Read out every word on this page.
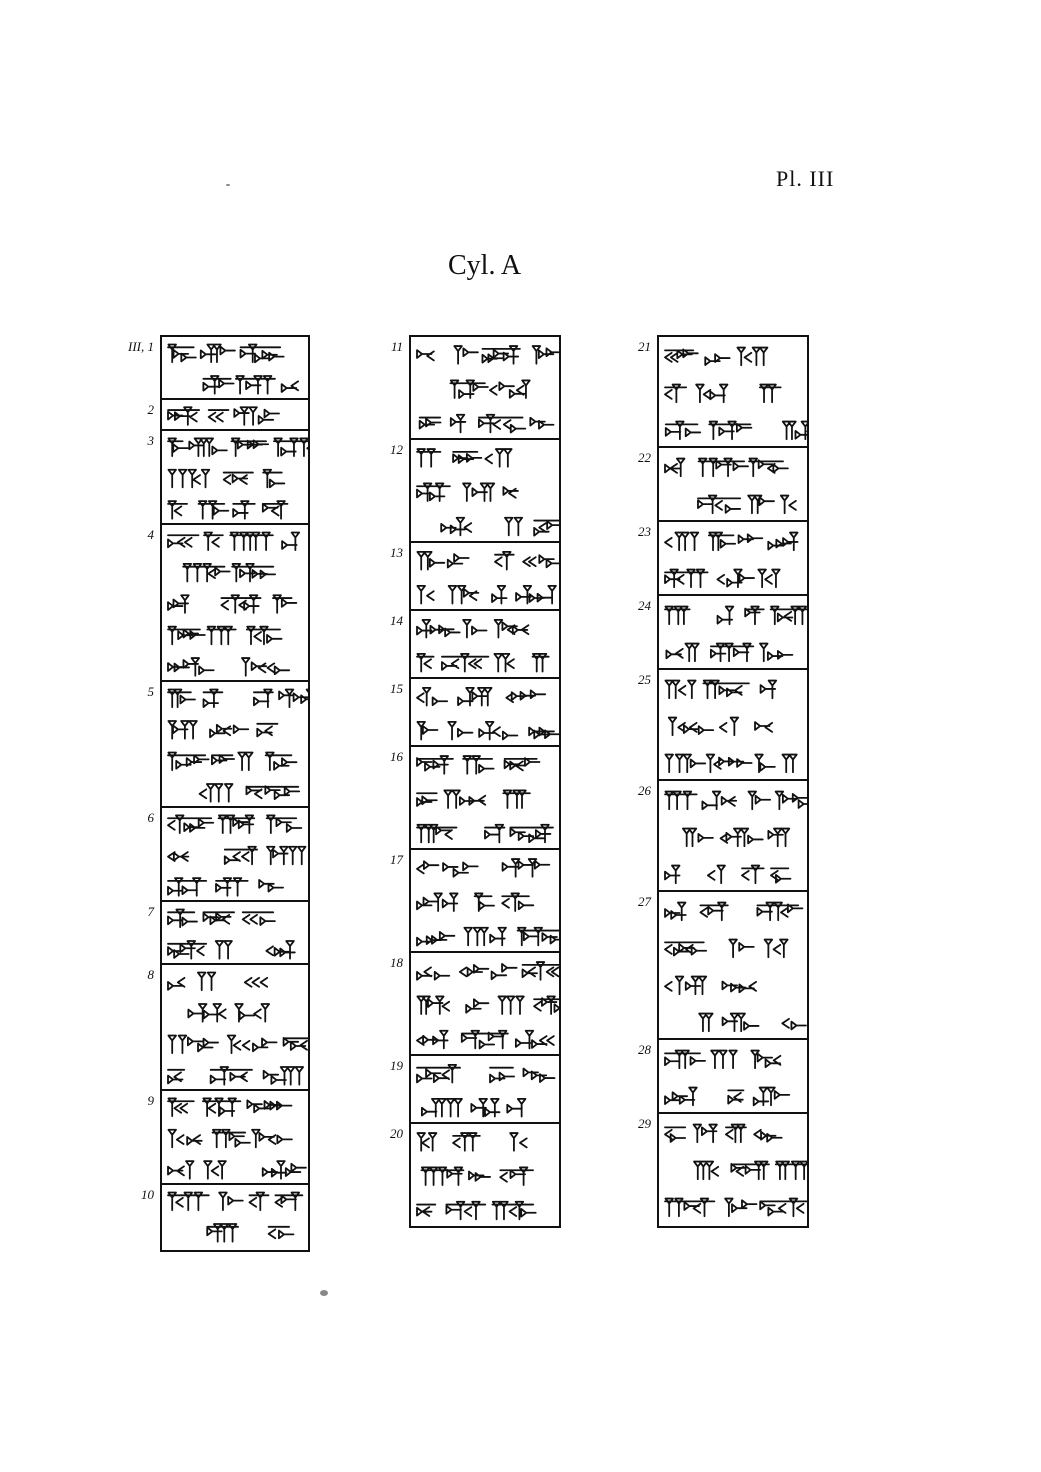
Pl. III
Cyl. A
III, 1
2
3
4
5
6
7
8
9
10
11
12
13
14
15
16
17
18
19
20
21
22
23
24
25
26
27
28
29
